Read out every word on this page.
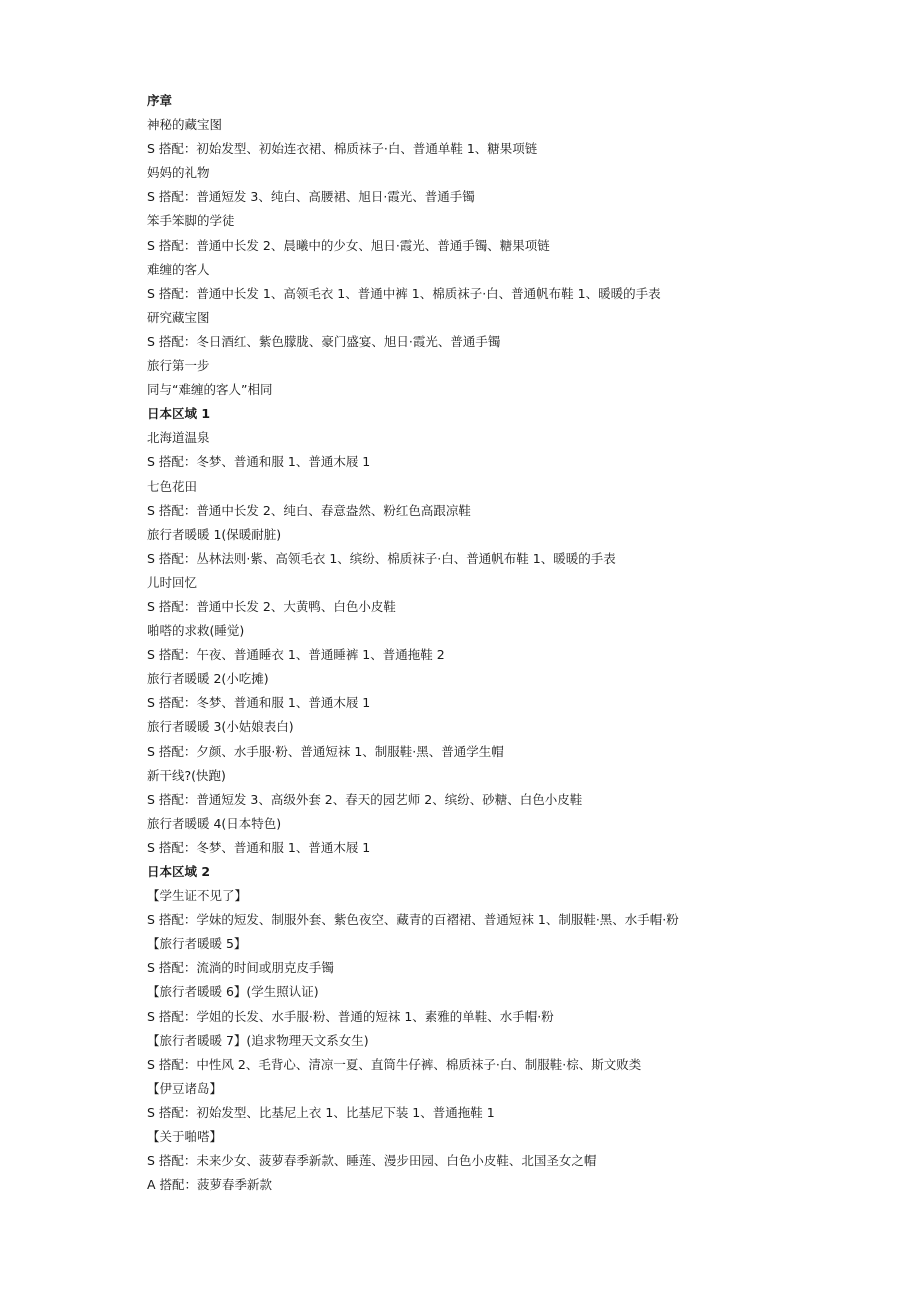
序章
神秘的藏宝图
S 搭配：初始发型、初始连衣裙、棉质袜子·白、普通单鞋 1、糖果项链
妈妈的礼物
S 搭配：普通短发 3、纯白、高腰裙、旭日·霞光、普通手镯
笨手笨脚的学徒
S 搭配：普通中长发 2、晨曦中的少女、旭日·霞光、普通手镯、糖果项链
难缠的客人
S 搭配：普通中长发 1、高领毛衣 1、普通中裤 1、棉质袜子·白、普通帆布鞋 1、暖暖的手表
研究藏宝图
S 搭配：冬日酒红、紫色朦胧、豪门盛宴、旭日·霞光、普通手镯
旅行第一步
同与“难缠的客人”相同
日本区域 1
北海道温泉
S 搭配：冬梦、普通和服 1、普通木屐 1
七色花田
S 搭配：普通中长发 2、纯白、春意盎然、粉红色高跟凉鞋
旅行者暖暖 1(保暖耐脏)
S 搭配：丛林法则·紫、高领毛衣 1、缤纷、棉质袜子·白、普通帆布鞋 1、暖暖的手表
儿时回忆
S 搭配：普通中长发 2、大黄鸭、白色小皮鞋
啪嗒的求救(睡觉)
S 搭配：午夜、普通睡衣 1、普通睡裤 1、普通拖鞋 2
旅行者暖暖 2(小吃摊)
S 搭配：冬梦、普通和服 1、普通木屐 1
旅行者暖暖 3(小姑娘表白)
S 搭配：夕颜、水手服·粉、普通短袜 1、制服鞋·黑、普通学生帽
新干线?(快跑)
S 搭配：普通短发 3、高级外套 2、春天的园艺师 2、缤纷、砂糖、白色小皮鞋
旅行者暖暖 4(日本特色)
S 搭配：冬梦、普通和服 1、普通木屐 1
日本区域 2
【学生证不见了】
S 搭配：学妹的短发、制服外套、紫色夜空、藏青的百褶裙、普通短袜 1、制服鞋·黑、水手帽·粉
【旅行者暖暖 5】
S 搭配：流淌的时间或朋克皮手镯
【旅行者暖暖 6】(学生照认证)
S 搭配：学姐的长发、水手服·粉、普通的短袜 1、素雅的单鞋、水手帽·粉
【旅行者暖暖 7】(追求物理天文系女生)
S 搭配：中性风 2、毛背心、清凉一夏、直筒牛仔裤、棉质袜子·白、制服鞋·棕、斯文败类
【伊豆诸岛】
S 搭配：初始发型、比基尼上衣 1、比基尼下装 1、普通拖鞋 1
【关于啪嗒】
S 搭配：未来少女、菠萝春季新款、睡莲、漫步田园、白色小皮鞋、北国圣女之帽
A 搭配：菠萝春季新款
